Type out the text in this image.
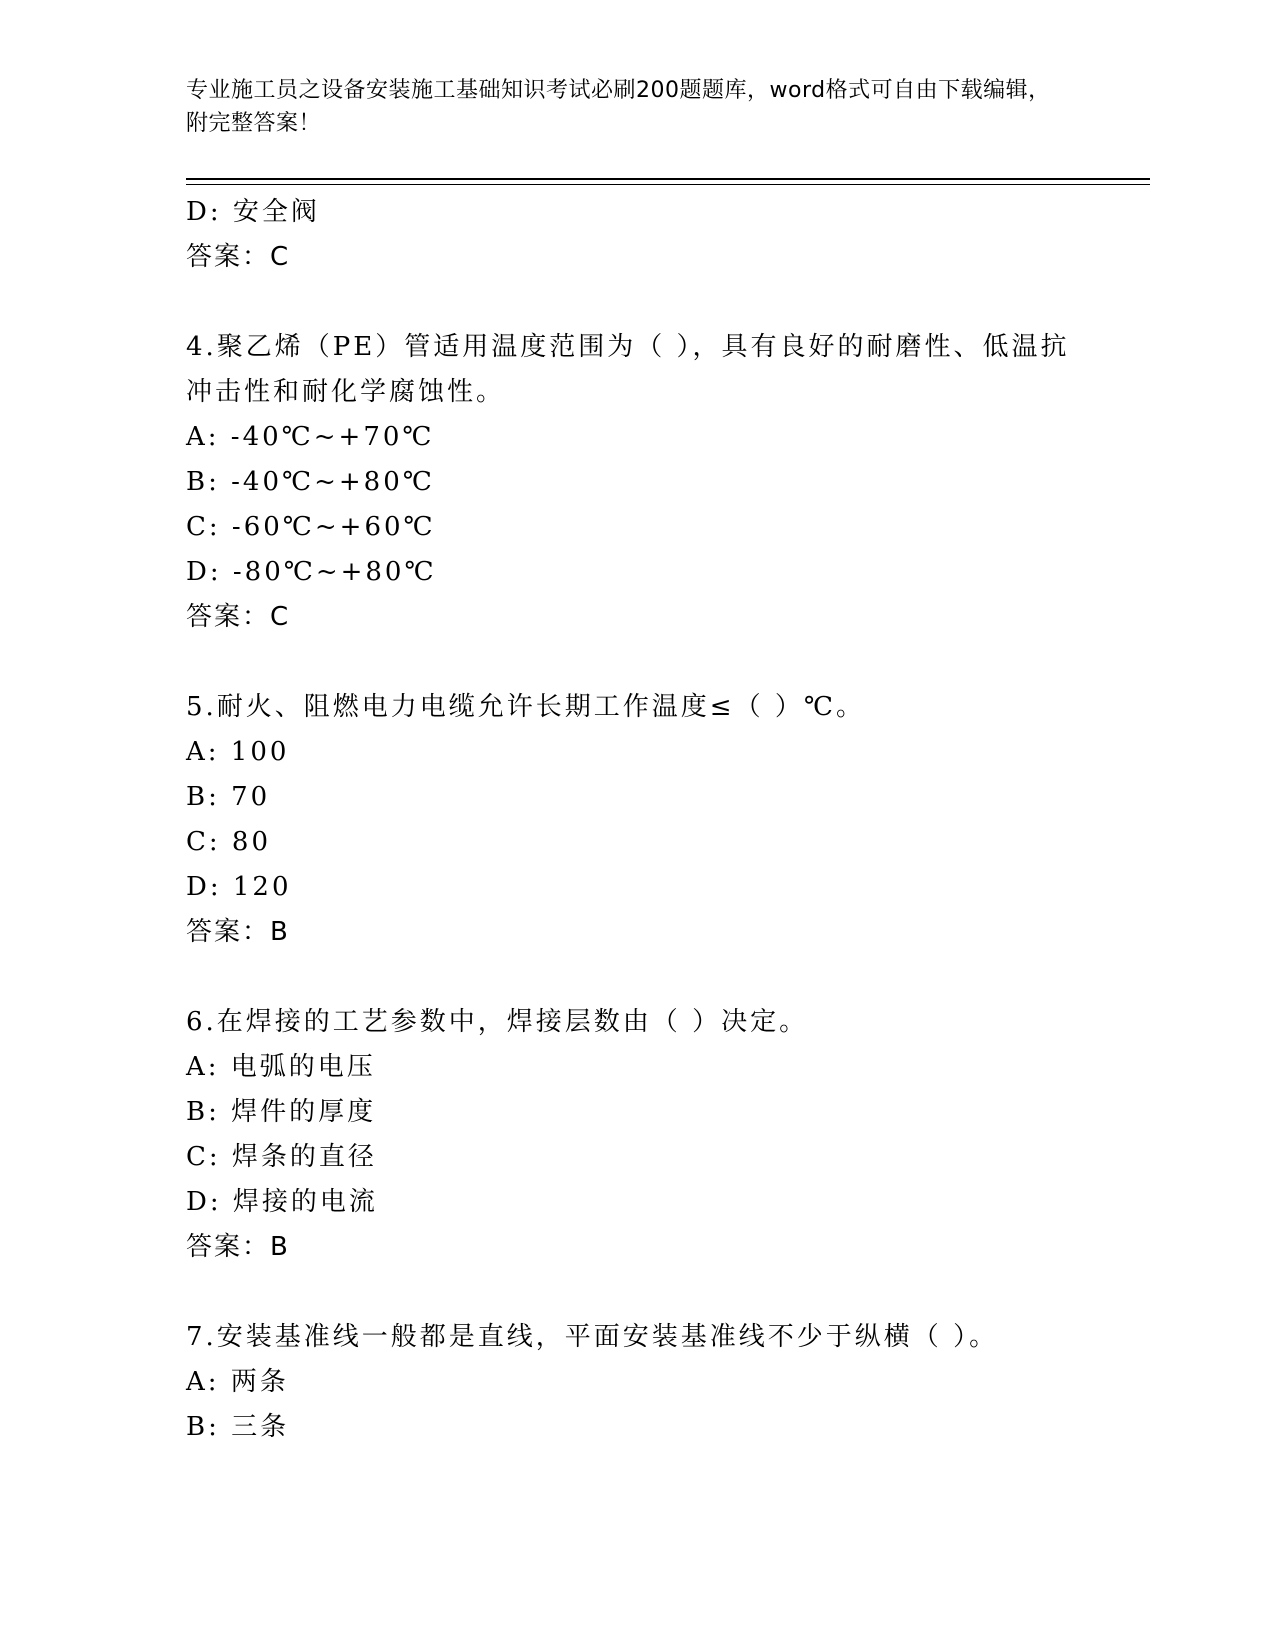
专业施工员之设备安装施工基础知识考试必刷200题题库，word格式可自由下载编辑，附完整答案！
D: 安全阀
答案：C
4.聚乙烯（PE）管适用温度范围为（ ），具有良好的耐磨性、低温抗冲击性和耐化学腐蚀性。
A: -40℃~+70℃
B: -40℃~+80℃
C: -60℃~+60℃
D: -80℃~+80℃
答案：C
5.耐火、阻燃电力电缆允许长期工作温度≤（ ）℃。
A: 100
B: 70
C: 80
D: 120
答案：B
6.在焊接的工艺参数中，焊接层数由（ ）决定。
A: 电弧的电压
B: 焊件的厚度
C: 焊条的直径
D: 焊接的电流
答案：B
7.安装基准线一般都是直线，平面安装基准线不少于纵横（ ）。
A: 两条
B: 三条
